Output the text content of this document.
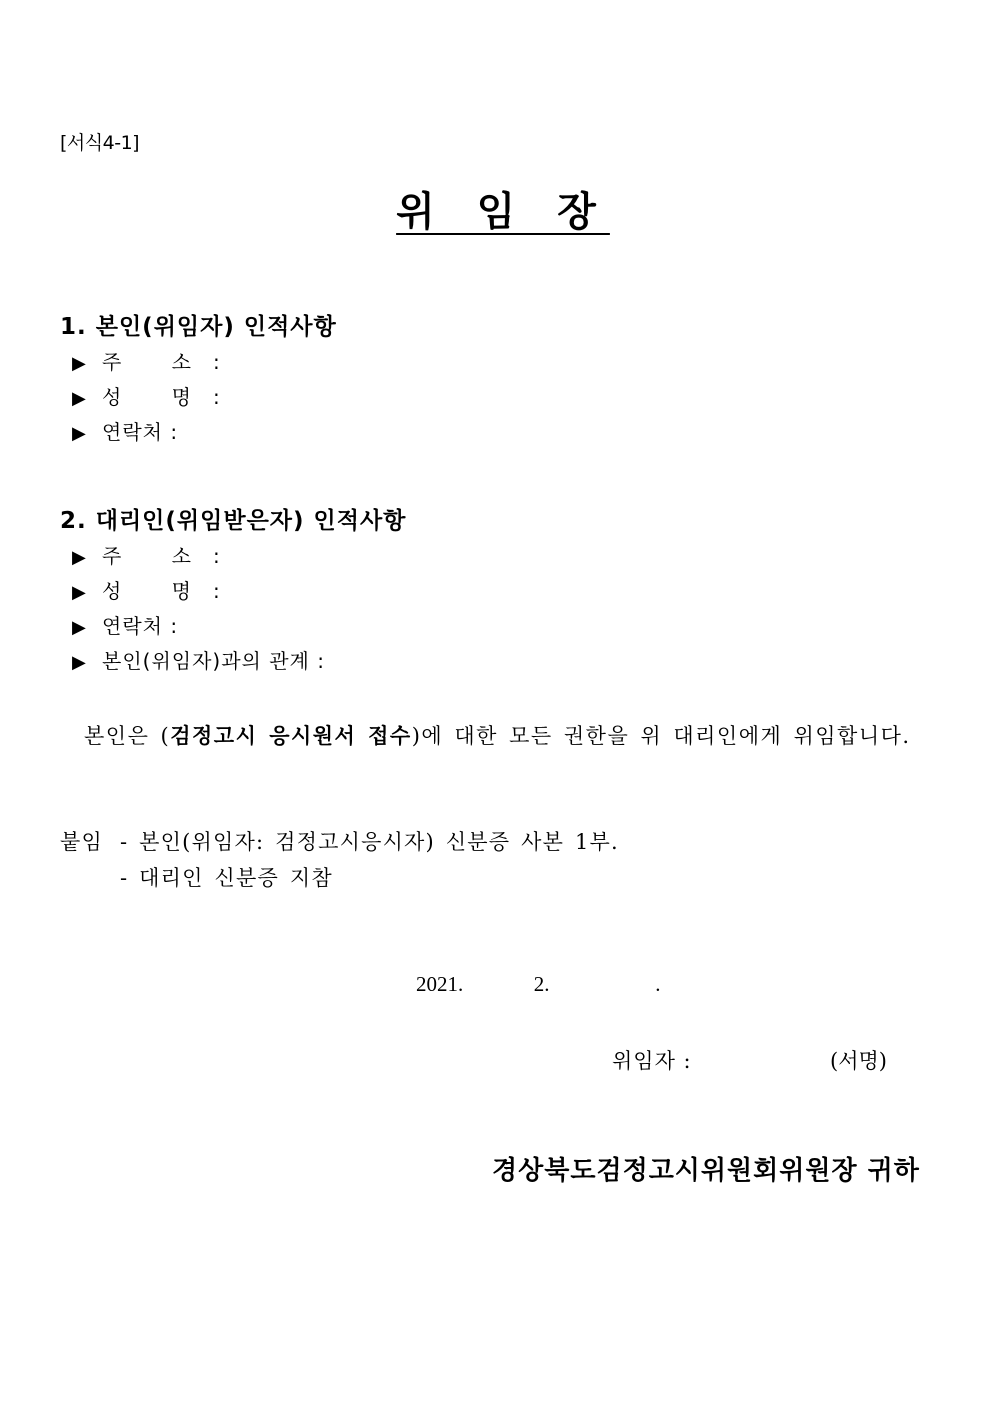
[서식4-1]
위 임 장
1. 본인(위임자) 인적사항
▶ 주 소:
▶ 성 명:
▶ 연락처 :
2. 대리인(위임받은자) 인적사항
▶ 주 소:
▶ 성 명:
▶ 연락처 :
▶ 본인(위임자)과의 관계 :
본인은 (검정고시 응시원서 접수)에 대한 모든 권한을 위 대리인에게 위임합니다.
붙임 - 본인(위임자: 검정고시응시자) 신분증 사본 1부.
- 대리인 신분증 지참
2021.  2.   .
위임자 :	(서명)
경상북도검정고시위원회위원장 귀하
